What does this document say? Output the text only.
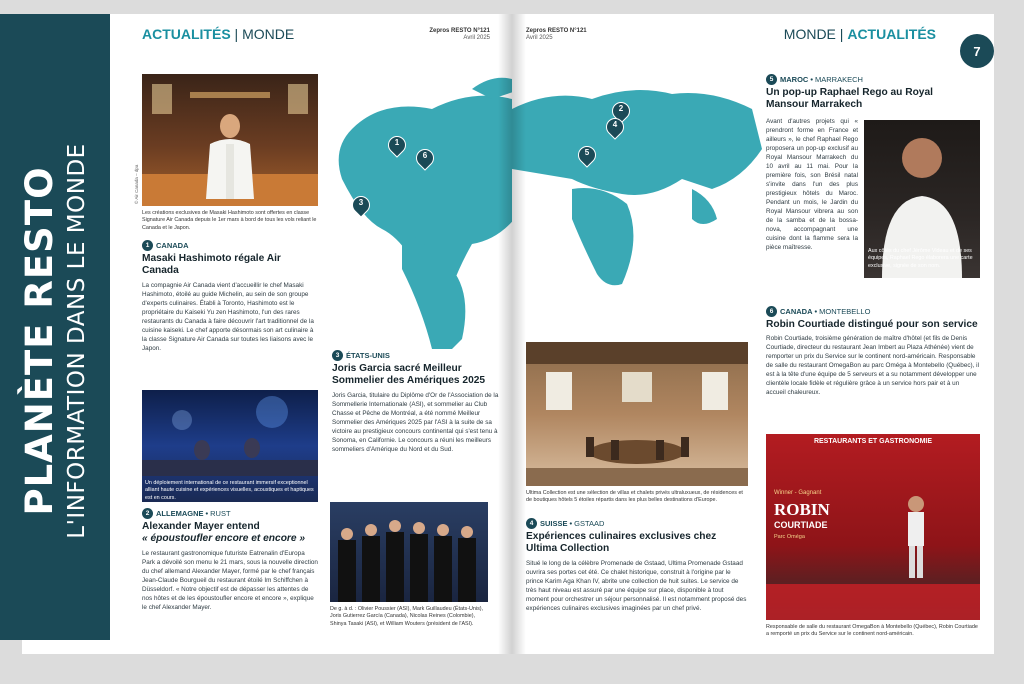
ACTUALITÉS | MONDE	Zepros RESTO N°121
Avril 2025
© Air Canada – dpa
Les créations exclusives de Masaki Hashimoto sont offertes en classe Signature Air Canada depuis le 1er mars à bord de tous les vols reliant le Canada et le Japon.
1 CANADA
Masaki Hashimoto régale Air Canada
La compagnie Air Canada vient d'accueillir le chef Masaki Hashimoto, étoilé au guide Michelin, au sein de son groupe d'experts culinaires. Établi à Toronto, Hashimoto est le propriétaire du Kaiseki Yu zen Hashimoto, l'un des rares restaurants du Canada à faire découvrir l'art traditionnel de la cuisine kaiseki. Le chef apporte désormais son art culinaire à la classe Signature Air Canada sur toutes les liaisons avec le Japon.
Un déploiement international de ce restaurant immersif exceptionnel alliant haute cuisine et expériences visuelles, acoustiques et haptiques est en cours.
2 ALLEMAGNE • RUST
Alexander Mayer entend
« époustoufler encore et encore »
Le restaurant gastronomique futuriste Eatrenalin d'Europa Park a dévoilé son menu le 21 mars, sous la nouvelle direction du chef allemand Alexander Mayer, formé par le chef français Jean-Claude Bourgueil du restaurant étoilé Im Schiffchen à Düsseldorf. « Notre objectif est de dépasser les attentes de nos hôtes et de les époustoufler encore et encore », explique le chef Alexander Mayer.
1
6
3
3 ÉTATS-UNIS
Joris Garcia sacré Meilleur Sommelier des Amériques 2025
Joris Garcia, titulaire du Diplôme d'Or de l'Association de la Sommellerie Internationale (ASI), et sommelier au Club Chasse et Pêche de Montréal, a été nommé Meilleur Sommelier des Amériques 2025 par l'ASI à la suite de sa victoire au prestigieux concours continental qui s'est tenu à Sonoma, en Californie. Le concours a réuni les meilleurs sommeliers d'Amérique du Nord et du Sud.
De g. à d. : Olivier Poussier (ASI), Mark Guillaudeu (États-Unis), Joris Gutierrez García (Canada), Nicolas Reines (Colombie), Shinya Tasaki (ASI), et William Wouters (président de l'ASI).
PLANÈTE RESTO L'INFORMATION DANS LE MONDE
Zepros RESTO N°121
Avril 2025	MONDE | ACTUALITÉS
7
2
4
5
5 MAROC • MARRAKECH
Un pop-up Raphael Rego au Royal Mansour Marrakech
Avant d'autres projets qui « prendront forme en France et ailleurs », le chef Raphael Rego proposera un pop-up exclusif au Royal Mansour Marrakech du 10 avril au 11 mai. Pour la première fois, son Brésil natal s'invite dans l'un des plus prestigieux hôtels du Maroc. Pendant un mois, le Jardin du Royal Mansour vibrera au son de la samba et de la bossa-nova, accompagnant une cuisine dont la flamme sera la pièce maîtresse.	Aux côtés du chef Jérôme Videau et de ses équipes, Raphael Rego élaborera une carte exclusive, signée de son nom.
Ultima Collection est une sélection de villas et chalets privés ultraluxueux, de résidences et de boutiques hôtels 5 étoiles répartis dans les plus belles destinations d'Europe.
4 SUISSE • GSTAAD
Expériences culinaires exclusives chez Ultima Collection
Situé le long de la célèbre Promenade de Gstaad, Ultima Promenade Gstaad ouvrira ses portes cet été. Ce chalet historique, construit à l'origine par le prince Karim Aga Khan IV, abrite une collection de huit suites. Le service de très haut niveau est assuré par une équipe sur place, disponible à tout moment pour orchestrer un séjour personnalisé. Il est notamment proposé des expériences culinaires exclusives imaginées par un chef privé.
6 CANADA • MONTEBELLO
Robin Courtiade distingué pour son service
Robin Courtiade, troisième génération de maître d'hôtel (et fils de Denis Courtiade, directeur du restaurant Jean Imbert au Plaza Athénée) vient de remporter un prix du Service sur le continent nord-américain. Responsable de salle du restaurant OmegaBon au parc Oméga à Montebello (Québec), il est à la tête d'une équipe de 5 serveurs et a su notamment développer une clientèle locale fidèle et régulière grâce à un service hors pair et à un accueil chaleureux.
RESTAURANTS ET GASTRONOMIE
Winner - Gagnant
ROBIN
COURTIADE
Parc Oméga
Responsable de salle du restaurant OmegaBon à Montebello (Québec), Robin Courtiade a remporté un prix du Service sur le continent nord-américain.
